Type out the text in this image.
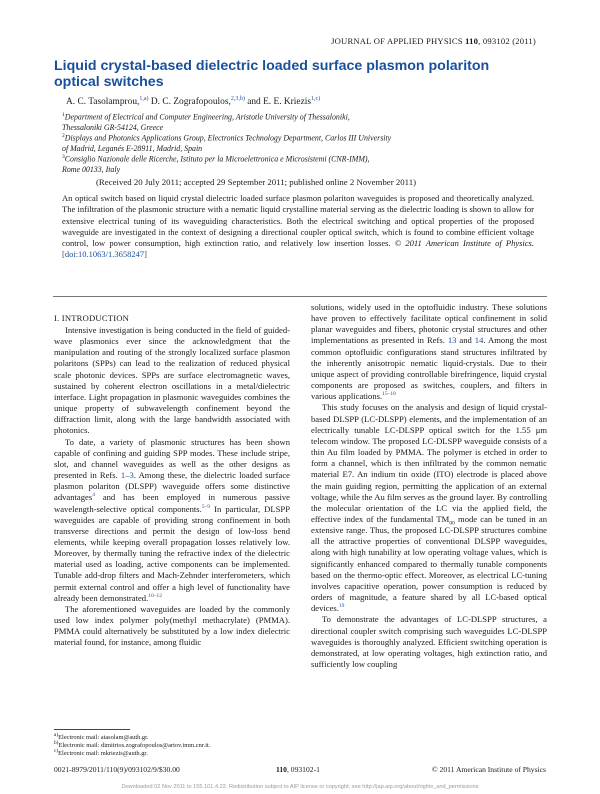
JOURNAL OF APPLIED PHYSICS 110, 093102 (2011)
Liquid crystal-based dielectric loaded surface plasmon polariton
optical switches
A. C. Tasolamprou,$^{1,a)}$ D. C. Zografopoulos,$^{2,3,b)}$ and E. E. Kriezis$^{1,c)}$
$^1$Department of Electrical and Computer Engineering, Aristotle University of Thessaloniki,
Thessaloniki GR-54124, Greece
$^2$Displays and Photonics Applications Group, Electronics Technology Department, Carlos III University
of Madrid, Leganés E-28911, Madrid, Spain
$^3$Consiglio Nazionale delle Ricerche, Istituto per la Microelettronica e Microsistemi (CNR-IMM),
Rome 00133, Italy
(Received 20 July 2011; accepted 29 September 2011; published online 2 November 2011)
An optical switch based on liquid crystal dielectric loaded surface plasmon polariton waveguides is proposed and theoretically analyzed. The infiltration of the plasmonic structure with a nematic liquid crystalline material serving as the dielectric loading is shown to allow for extensive electrical tuning of its waveguiding characteristics. Both the electrical switching and optical properties of the proposed waveguide are investigated in the context of designing a directional coupler optical switch, which is found to combine efficient voltage control, low power consumption, high extinction ratio, and relatively low insertion losses. © 2011 American Institute of Physics. [doi:10.1063/1.3658247]
I. INTRODUCTION

Intensive investigation is being conducted in the field of guided-wave plasmonics ever since the acknowledgment that the manipulation and routing of the strongly localized surface plasmon polaritons (SPPs) can lead to the realization of reduced physical scale photonic devices. SPPs are surface electromagnetic waves, sustained by coherent electron oscillations in a metal/dielectric interface. Light propagation in plasmonic waveguides combines the unique property of subwavelength confinement beyond the diffraction limit, along with the large bandwidth associated with photonics.

To date, a variety of plasmonic structures has been shown capable of confining and guiding SPP modes. These include stripe, slot, and channel waveguides as well as the other designs as presented in Refs. 1–3. Among these, the dielectric loaded surface plasmon polariton (DLSPP) waveguide offers some distinctive advantages$^4$ and has been employed in numerous passive wavelength-selective optical components.$^{5-9}$ In particular, DLSPP waveguides are capable of providing strong confinement in both transverse directions and permit the design of low-loss bend elements, while keeping overall propagation losses relatively low. Moreover, by thermally tuning the refractive index of the dielectric material used as loading, active components can be implemented. Tunable add-drop filters and Mach-Zehnder interferometers, which permit external control and offer a high level of functionality have already been demonstrated.$^{10-12}$

The aforementioned waveguides are loaded by the commonly used low index polymer poly(methyl methacrylate) (PMMA). PMMA could alternatively be substituted by a low index dielectric material found, for instance, among fluidic

solutions, widely used in the optofluidic industry. These solutions have proven to effectively facilitate optical confinement in solid planar waveguides and fibers, photonic crystal structures and other implementations as presented in Refs. 13 and 14. Among the most common optofluidic configurations stand structures infiltrated by the inherently anisotropic nematic liquid-crystals. Due to their unique aspect of providing controllable birefringence, liquid crystal components are proposed as switches, couplers, and filters in various applications.$^{15-18}$

This study focuses on the analysis and design of liquid crystal-based DLSPP (LC-DLSPP) elements, and the implementation of an electrically tunable LC-DLSPP optical switch for the 1.55 μm telecom window. The proposed LC-DLSPP waveguide consists of a thin Au film loaded by PMMA. The polymer is etched in order to form a channel, which is then infiltrated by the common nematic material E7. An indium tin oxide (ITO) electrode is placed above the main guiding region, permitting the application of an external voltage, while the Au film serves as the ground layer. By controlling the molecular orientation of the LC via the applied field, the effective index of the fundamental $TM_{00}$ mode can be tuned in an extensive range. Thus, the proposed LC-DLSPP structures combine all the attractive properties of conventional DLSPP waveguides, along with high tunability at low operating voltage values, which is significantly enhanced compared to thermally tunable components based on the thermo-optic effect. Moreover, as electrical LC-tuning involves capacitive operation, power consumption is reduced by orders of magnitude, a feature shared by all LC-based optical devices.$^{19}$

To demonstrate the advantages of LC-DLSPP structures, a directional coupler switch comprising such waveguides LC-DLSPP waveguides is thoroughly analyzed. Efficient switching operation is demonstrated, at low operating voltages, high extinction ratio, and sufficiently low coupling

$^{a)}$Electronic mail: atasolam@auth.gr.
$^{b)}$Electronic mail: dimitrios.zografopoulos@artov.imm.cnr.it.
$^{c)}$Electronic mail: mkriezis@auth.gr.
0021-8979/2011/110(9)/093102/9/$30.00	110, 093102-1	© 2011 American Institute of Physics
Downloaded 02 Nov 2011 to 155.101.4.22. Redistribution subject to AIP license or copyright; see http://jap.aip.org/about/rights_and_permissions
